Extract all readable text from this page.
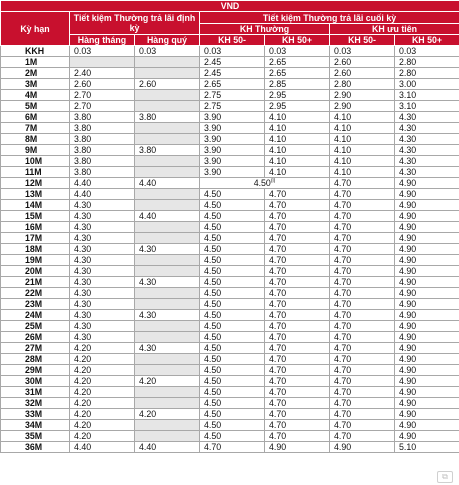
VND						
Kỳ hạn	Tiết kiệm Thường trả lãi định kỳ		Tiết kiệm Thường trả lãi cuối kỳ			
			KH Thường		KH ưu tiên	
	Hàng tháng	Hàng quý	KH 50-	KH 50+	KH 50-	KH 50+
KKH	0.03	0.03	0.03	0.03	0.03	0.03
1M			2.45	2.65	2.60	2.80
2M	2.40		2.45	2.65	2.60	2.80
3M	2.60	2.60	2.65	2.85	2.80	3.00
4M	2.70		2.75	2.95	2.90	3.10
5M	2.70		2.75	2.95	2.90	3.10
6M	3.80	3.80	3.90	4.10	4.10	4.30
7M	3.80		3.90	4.10	4.10	4.30
8M	3.80		3.90	4.10	4.10	4.30
9M	3.80	3.80	3.90	4.10	4.10	4.30
10M	3.80		3.90	4.10	4.10	4.30
11M	3.80		3.90	4.10	4.10	4.30
12M	4.40	4.40	4.50$^{(i)}$		4.70	4.90
13M	4.40		4.50	4.70	4.70	4.90
14M	4.30		4.50	4.70	4.70	4.90
15M	4.30	4.40	4.50	4.70	4.70	4.90
16M	4.30		4.50	4.70	4.70	4.90
17M	4.30		4.50	4.70	4.70	4.90
18M	4.30	4.30	4.50	4.70	4.70	4.90
19M	4.30		4.50	4.70	4.70	4.90
20M	4.30		4.50	4.70	4.70	4.90
21M	4.30	4.30	4.50	4.70	4.70	4.90
22M	4.30		4.50	4.70	4.70	4.90
23M	4.30		4.50	4.70	4.70	4.90
24M	4.30	4.30	4.50	4.70	4.70	4.90
25M	4.30		4.50	4.70	4.70	4.90
26M	4.30		4.50	4.70	4.70	4.90
27M	4.20	4.30	4.50	4.70	4.70	4.90
28M	4.20		4.50	4.70	4.70	4.90
29M	4.20		4.50	4.70	4.70	4.90
30M	4.20	4.20	4.50	4.70	4.70	4.90
31M	4.20		4.50	4.70	4.70	4.90
32M	4.20		4.50	4.70	4.70	4.90
33M	4.20	4.20	4.50	4.70	4.70	4.90
34M	4.20		4.50	4.70	4.70	4.90
35M	4.20		4.50	4.70	4.70	4.90
36M	4.40	4.40	4.70	4.90	4.90	5.10
⧉
